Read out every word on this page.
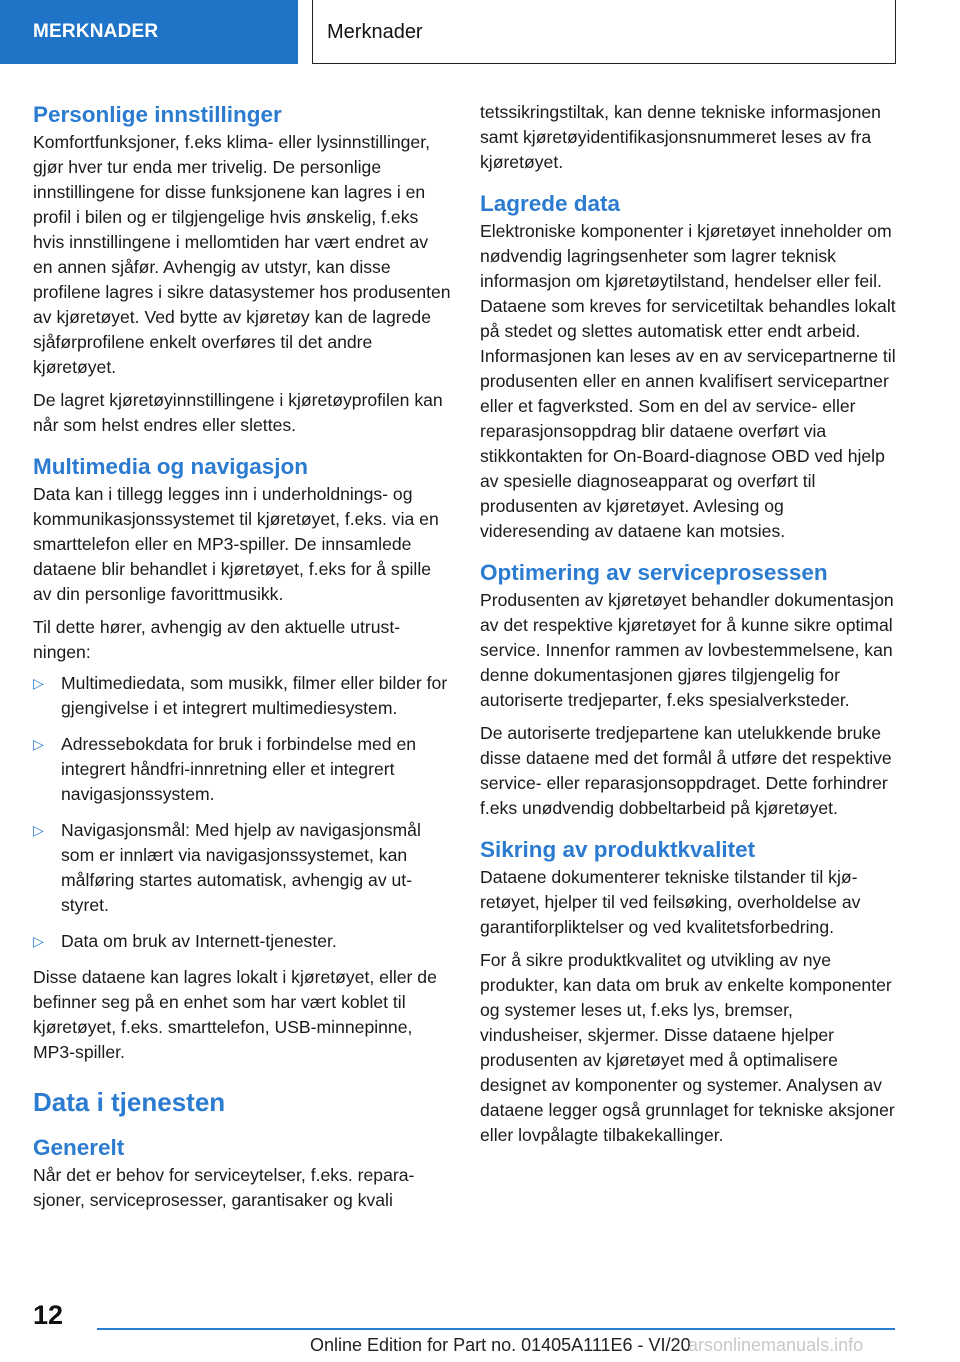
MERKNADER	Merknader
Personlige innstillinger

Komfortfunksjoner, f.eks klima- eller lysinnstillinger, gjør hver tur enda mer trivelig. De personlige innstillingene for disse funksjonene kan lagres i en profil i bilen og er tilgjengelige hvis ønskelig, f.eks hvis innstillingene i mellomtiden har vært endret av en annen sjåfør. Avhengig av utstyr, kan disse profilene lagres i sikre datasystemer hos produsenten av kjøretøyet. Ved bytte av kjøretøy kan de lagrede sjåførprofilene enkelt overføres til det andre kjøretøyet.

De lagret kjøretøyinnstillingene i kjøretøyprofilen kan når som helst endres eller slettes.

Multimedia og navigasjon

Data kan i tillegg legges inn i underholdnings- og kommunikasjonssystemet til kjøretøyet, f.eks. via en smarttelefon eller en MP3-spiller. De innsamlede dataene blir behandlet i kjøretøyet, f.eks for å spille av din personlige favorittmusikk.

Til dette hører, avhengig av den aktuelle utrustningen:

▷ Multimediedata, som musikk, filmer eller bilder for gjengivelse i et integrert multimediesystem.
▷ Adressebokdata for bruk i forbindelse med en integrert håndfri-innretning eller et integrert navigasjonssystem.
▷ Navigasjonsmål: Med hjelp av navigasjonsmål som er innlært via navigasjonssystemet, kan målføring startes automatisk, avhengig av utstyret.
▷ Data om bruk av Internett-tjenester.

Disse dataene kan lagres lokalt i kjøretøyet, eller de befinner seg på en enhet som har vært koblet til kjøretøyet, f.eks. smarttelefon, USB-minnepinne, MP3-spiller.

Data i tjenesten
Generelt

Når det er behov for serviceytelser, f.eks. reparasjoner, serviceprosesser, garantisaker og kvali

tetssikringstiltak, kan denne tekniske informasjonen samt kjøretøyidentifikasjonsnummeret leses av fra kjøretøyet.

Lagrede data

Elektroniske komponenter i kjøretøyet inneholder om nødvendig lagringsenheter som lagrer teknisk informasjon om kjøretøytilstand, hendelser eller feil. Dataene som kreves for servicetiltak behandles lokalt på stedet og slettes automatisk etter endt arbeid. Informasjonen kan leses av en av servicepartnerne til produsenten eller en annen kvalifisert servicepartner eller et fagverksted. Som en del av service- eller reparasjonsoppdrag blir dataene overført via stikkontakten for On-Board-diagnose OBD ved hjelp av spesielle diagnoseapparat og overført til produsenten av kjøretøyet. Avlesing og videresending av dataene kan motsies.

Optimering av serviceprosessen

Produsenten av kjøretøyet behandler dokumentasjon av det respektive kjøretøyet for å kunne sikre optimal service. Innenfor rammen av lovbestemmelsene, kan denne dokumentasjonen gjøres tilgjengelig for autoriserte tredjeparter, f.eks spesialverksteder.

De autoriserte tredjepartene kan utelukkende bruke disse dataene med det formål å utføre det respektive service- eller reparasjonsoppdraget. Dette forhindrer f.eks unødvendig dobbeltarbeid på kjøretøyet.

Sikring av produktkvalitet

Dataene dokumenterer tekniske tilstander til kjøretøyet, hjelper til ved feilsøking, overholdelse av garantiforpliktelser og ved kvalitetsforbedring.

For å sikre produktkvalitet og utvikling av nye produkter, kan data om bruk av enkelte komponenter og systemer leses ut, f.eks lys, bremser, vindusheiser, skjermer. Disse dataene hjelper produsenten av kjøretøyet med å optimalisere designet av komponenter og systemer. Analysen av dataene legger også grunnlaget for tekniske aksjoner eller lovpålagte tilbakekallinger.

12
Online Edition for Part no. 01405A111E6 - VI/20
arsonlinemanuals.info
